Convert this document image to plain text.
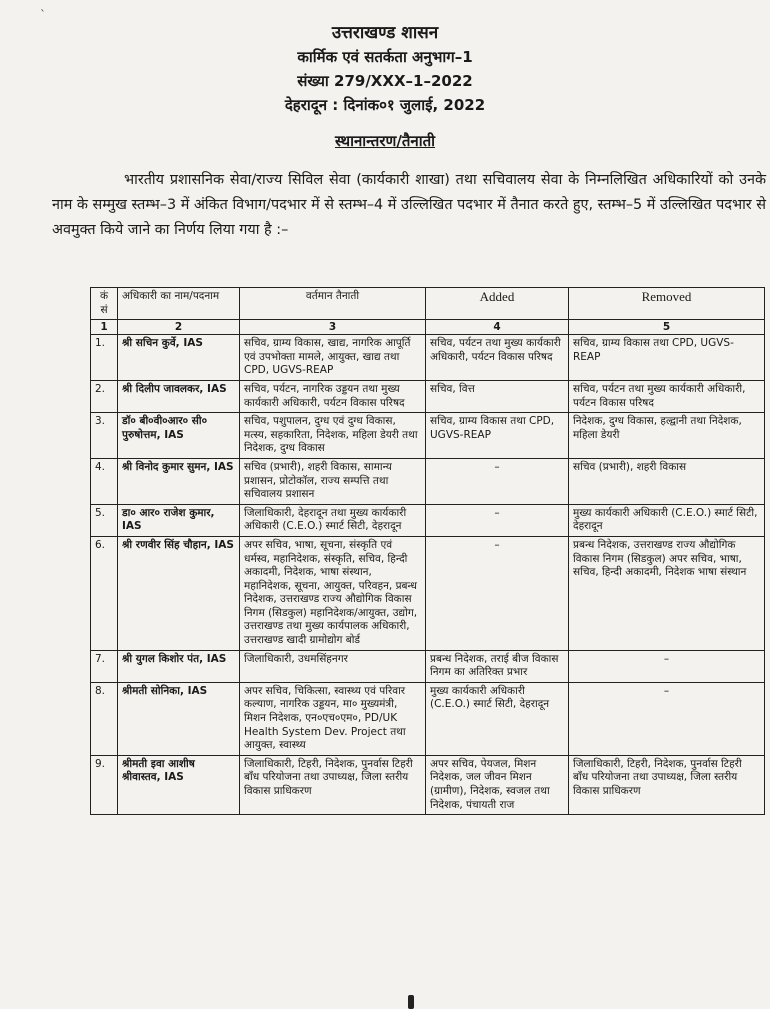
`
उत्तराखण्ड शासन
कार्मिक एवं सतर्कता अनुभाग–1
संख्या 279/XXX–1–2022
देहरादून : दिनांक०१ जुलाई, 2022
स्थानान्तरण/तैनाती
भारतीय प्रशासनिक सेवा/राज्य सिविल सेवा (कार्यकारी शाखा) तथा सचिवालय सेवा के निम्नलिखित अधिकारियों को उनके नाम के सम्मुख स्तम्भ–3 में अंकित विभाग/पदभार में से स्तम्भ–4 में उल्लिखित पदभार में तैनात करते हुए, स्तम्भ–5 में उल्लिखित पदभार से अवमुक्त किये जाने का निर्णय लिया गया है :–
कं सं	अधिकारी का नाम/पदनाम	वर्तमान तैनाती	Added	Removed
1	2	3	4	5
1.	श्री सचिन कुर्वे, IAS	सचिव, ग्राम्य विकास, खाद्य, नागरिक आपूर्ति एवं उपभोक्ता मामले, आयुक्त, खाद्य तथा CPD, UGVS-REAP	सचिव, पर्यटन तथा मुख्य कार्यकारी अधिकारी, पर्यटन विकास परिषद	सचिव, ग्राम्य विकास तथा CPD, UGVS-REAP
2.	श्री दिलीप जावलकर, IAS	सचिव, पर्यटन, नागरिक उड्डयन तथा मुख्य कार्यकारी अधिकारी, पर्यटन विकास परिषद	सचिव, वित्त	सचिव, पर्यटन तथा मुख्य कार्यकारी अधिकारी, पर्यटन विकास परिषद
3.	डॉ० बी०वी०आर० सी० पुरुषोत्तम, IAS	सचिव, पशुपालन, दुग्ध एवं दुग्ध विकास, मत्स्य, सहकारिता, निदेशक, महिला डेयरी तथा निदेशक, दुग्ध विकास	सचिव, ग्राम्य विकास तथा CPD, UGVS-REAP	निदेशक, दुग्ध विकास, हल्द्वानी तथा निदेशक, महिला डेयरी
4.	श्री विनोद कुमार सुमन, IAS	सचिव (प्रभारी), शहरी विकास, सामान्य प्रशासन, प्रोटोकॉल, राज्य सम्पत्ति तथा सचिवालय प्रशासन	–	सचिव (प्रभारी), शहरी विकास
5.	डा० आर० राजेश कुमार, IAS	जिलाधिकारी, देहरादून तथा मुख्य कार्यकारी अधिकारी (C.E.O.) स्मार्ट सिटी, देहरादून	–	मुख्य कार्यकारी अधिकारी (C.E.O.) स्मार्ट सिटी, देहरादून
6.	श्री रणवीर सिंह चौहान, IAS	अपर सचिव, भाषा, सूचना, संस्कृति एवं धर्मस्व, महानिदेशक, संस्कृति, सचिव, हिन्दी अकादमी, निदेशक, भाषा संस्थान, महानिदेशक, सूचना, आयुक्त, परिवहन, प्रबन्ध निदेशक, उत्तराखण्ड राज्य औद्योगिक विकास निगम (सिडकुल) महानिदेशक/आयुक्त, उद्योग, उत्तराखण्ड तथा मुख्य कार्यपालक अधिकारी, उत्तराखण्ड खादी ग्रामोद्योग बोर्ड	–	प्रबन्ध निदेशक, उत्तराखण्ड राज्य औद्योगिक विकास निगम (सिडकुल) अपर सचिव, भाषा, सचिव, हिन्दी अकादमी, निदेशक भाषा संस्थान
7.	श्री युगल किशोर पंत, IAS	जिलाधिकारी, उधमसिंहनगर	प्रबन्ध निदेशक, तराई बीज विकास निगम का अतिरिक्त प्रभार	–
8.	श्रीमती सोनिका, IAS	अपर सचिव, चिकित्सा, स्वास्थ्य एवं परिवार कल्याण, नागरिक उड्डयन, मा० मुख्यमंत्री, मिशन निदेशक, एन०एच०एम०, PD/UK Health System Dev. Project तथा आयुक्त, स्वास्थ्य	मुख्य कार्यकारी अधिकारी (C.E.O.) स्मार्ट सिटी, देहरादून	–
9.	श्रीमती इवा आशीष श्रीवास्तव, IAS	जिलाधिकारी, टिहरी, निदेशक, पुनर्वास टिहरी बाँध परियोजना तथा उपाध्यक्ष, जिला स्तरीय विकास प्राधिकरण	अपर सचिव, पेयजल, मिशन निदेशक, जल जीवन मिशन (ग्रामीण), निदेशक, स्वजल तथा निदेशक, पंचायती राज	जिलाधिकारी, टिहरी, निदेशक, पुनर्वास टिहरी बाँध परियोजना तथा उपाध्यक्ष, जिला स्तरीय विकास प्राधिकरण
